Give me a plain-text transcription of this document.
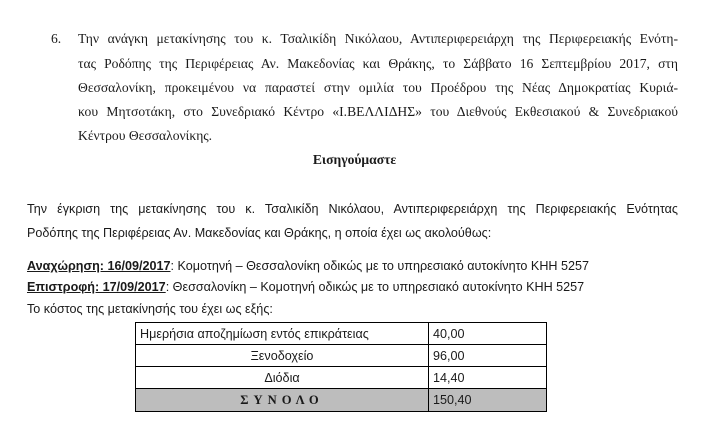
6. Την ανάγκη μετακίνησης του κ. Τσαλικίδη Νικόλαου, Αντιπεριφερειάρχη της Περιφερειακής Ενότη-
τας Ροδόπης της Περιφέρειας Αν. Μακεδονίας και Θράκης, το Σάββατο 16 Σεπτεμβρίου 2017, στη
Θεσσαλονίκη, προκειμένου να παραστεί στην ομιλία του Προέδρου της Νέας Δημοκρατίας Κυριά-
κου Μητσοτάκη, στο Συνεδριακό Κέντρο «Ι.ΒΕΛΛΙΔΗΣ» του Διεθνούς Εκθεσιακού & Συνεδριακού
Κέντρου Θεσσαλονίκης.
Εισηγούμαστε
Την έγκριση της μετακίνησης του κ. Τσαλικίδη Νικόλαου, Αντιπεριφερειάρχη της Περιφερειακής Ενότητας
Ροδόπης της Περιφέρειας Αν. Μακεδονίας και Θράκης, η οποία έχει ως ακολούθως:
Αναχώρηση: 16/09/2017: Κομοτηνή – Θεσσαλονίκη οδικώς με το υπηρεσιακό αυτοκίνητο ΚΗΗ 5257
Επιστροφή: 17/09/2017: Θεσσαλονίκη – Κομοτηνή οδικώς με το υπηρεσιακό αυτοκίνητο ΚΗΗ 5257
Το κόστος της μετακίνησής του έχει ως εξής:
Ημερήσια αποζημίωση εντός επικράτειας	40,00
Ξενοδοχείο	96,00
Διόδια	14,40
ΣΥΝΟΛΟ	150,40
